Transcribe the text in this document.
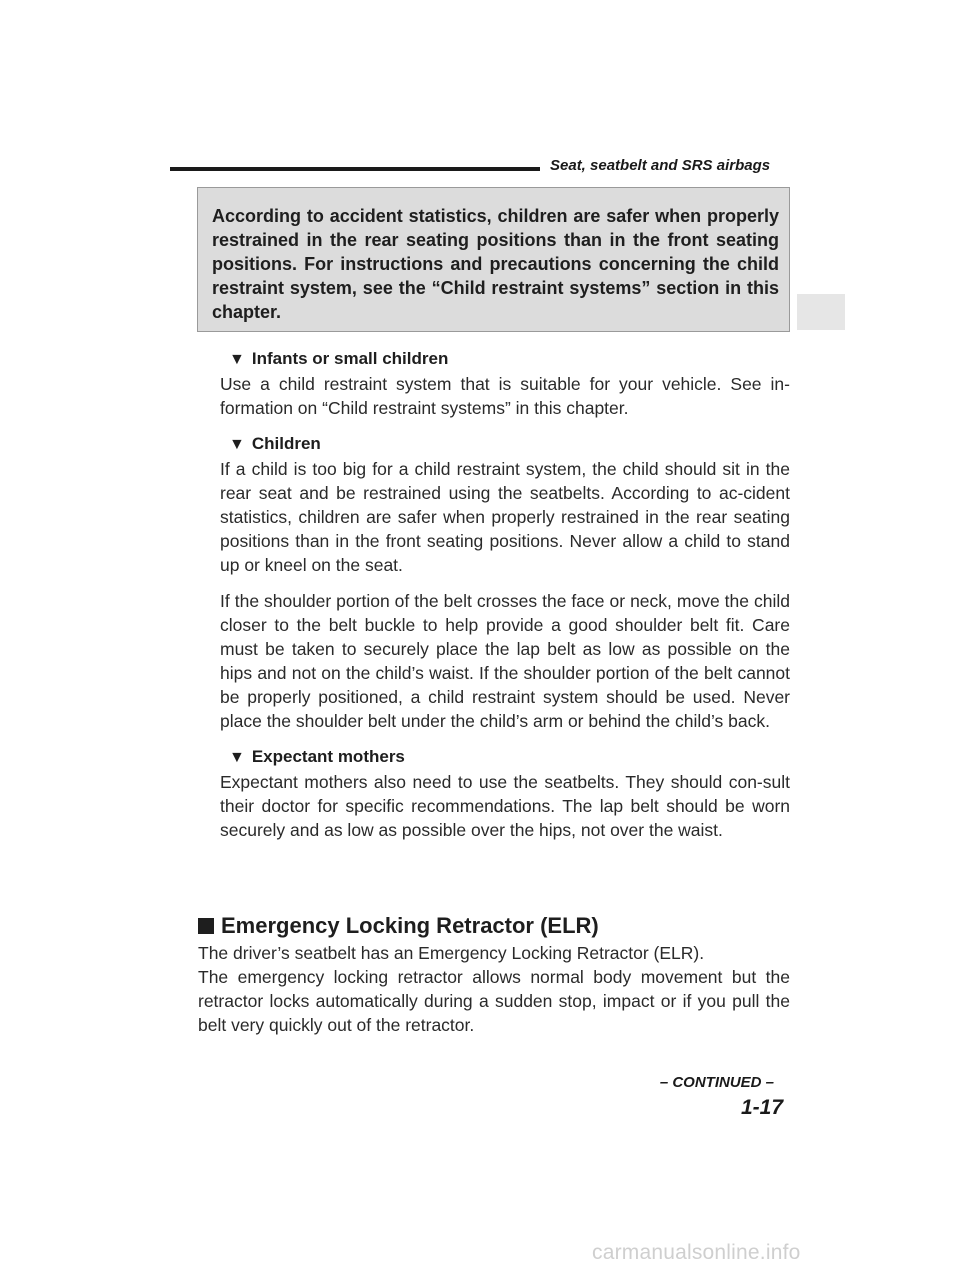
Seat, seatbelt and SRS airbags
According to accident statistics, children are safer when properly restrained in the rear seating positions than in the front seating positions. For instructions and precautions concerning the child restraint system, see the “Child restraint systems” section in this chapter.
▼ Infants or small children
Use a child restraint system that is suitable for your vehicle. See in-formation on “Child restraint systems” in this chapter.
▼ Children
If a child is too big for a child restraint system, the child should sit in the rear seat and be restrained using the seatbelts. According to ac-cident statistics, children are safer when properly restrained in the rear seating positions than in the front seating positions. Never allow a child to stand up or kneel on the seat.
If the shoulder portion of the belt crosses the face or neck, move the child closer to the belt buckle to help provide a good shoulder belt fit. Care must be taken to securely place the lap belt as low as possible on the hips and not on the child’s waist. If the shoulder portion of the belt cannot be properly positioned, a child restraint system should be used. Never place the shoulder belt under the child’s arm or behind the child’s back.
▼ Expectant mothers
Expectant mothers also need to use the seatbelts. They should con-sult their doctor for specific recommendations. The lap belt should be worn securely and as low as possible over the hips, not over the waist.
Emergency Locking Retractor (ELR)
The driver’s seatbelt has an Emergency Locking Retractor (ELR).
The emergency locking retractor allows normal body movement but the retractor locks automatically during a sudden stop, impact or if you pull the belt very quickly out of the retractor.
– CONTINUED –
1-17
carmanualsonline.info
